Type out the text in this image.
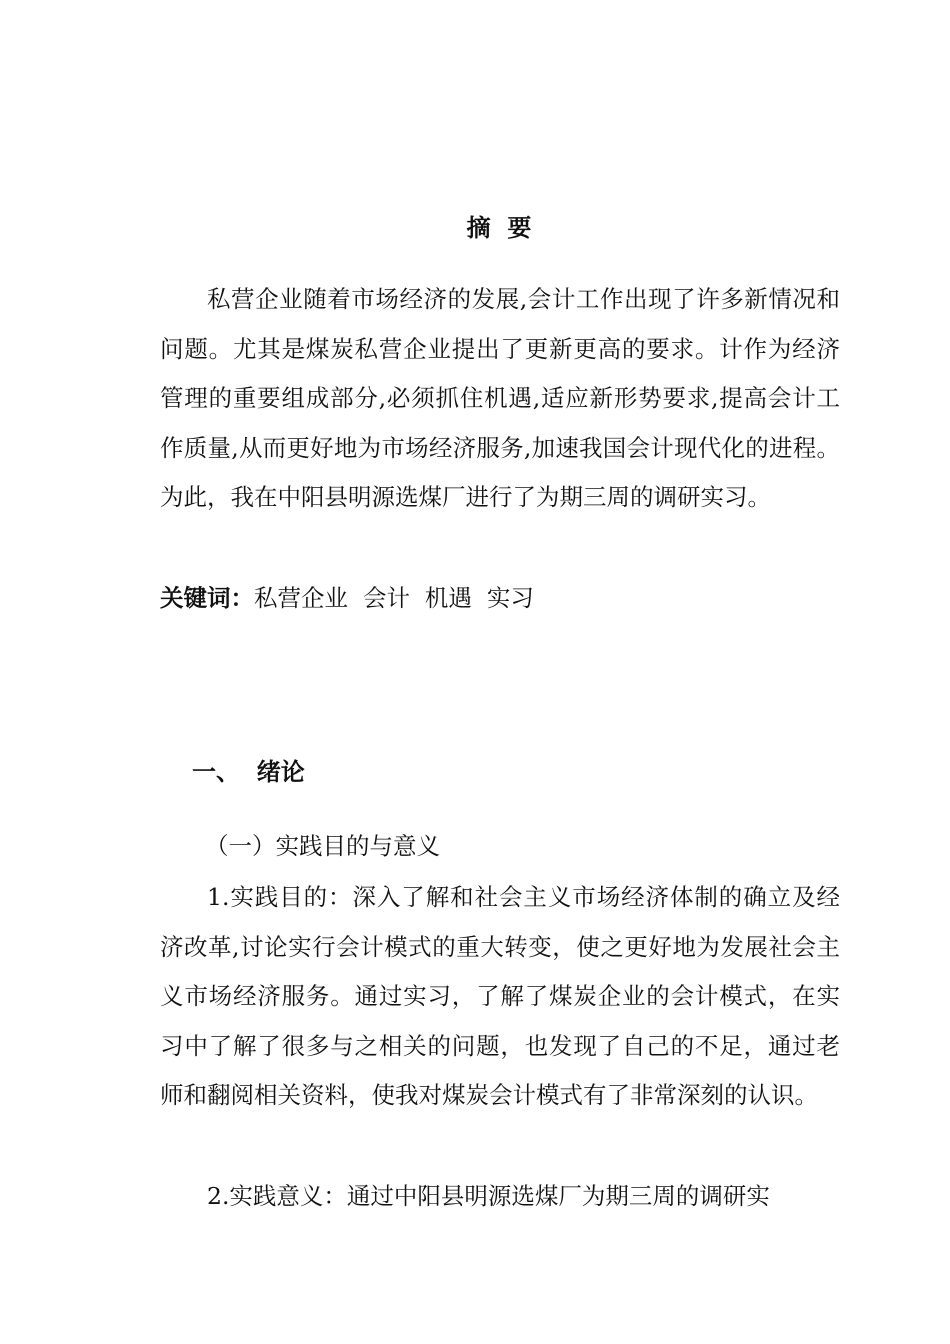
摘  要

私营企业随着市场经济的发展,会计工作出现了许多新情况和问题。尤其是煤炭私营企业提出了更新更高的要求。计作为经济管理的重要组成部分,必须抓住机遇,适应新形势要求,提高会计工作质量,从而更好地为市场经济服务,加速我国会计现代化的进程。为此，我在中阳县明源选煤厂进行了为期三周的调研实习。

关键词：私营企业  会计  机遇  实习
一、  绪论
（一）实践目的与意义

1.实践目的：深入了解和社会主义市场经济体制的确立及经济改革,讨论实行会计模式的重大转变，使之更好地为发展社会主义市场经济服务。通过实习，了解了煤炭企业的会计模式，在实习中了解了很多与之相关的问题，也发现了自己的不足，通过老师和翻阅相关资料，使我对煤炭会计模式有了非常深刻的认识。

2.实践意义：通过中阳县明源选煤厂为期三周的调研实
